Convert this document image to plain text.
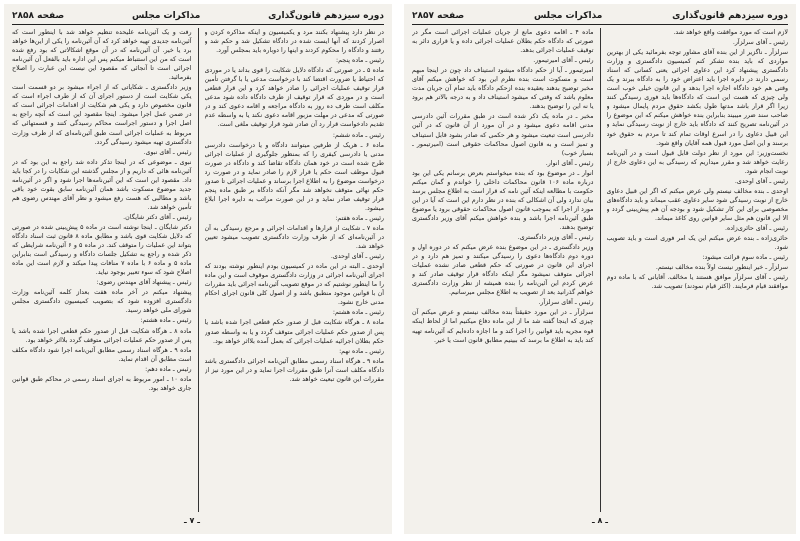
دوره سیزدهم قانون‌گذاری
مذاکرات مجلس
صفحه ۲۸۵۸

در نظر دارد پیشنهاد بکنند مرد و یکمیسیون و اینکه مذاکره کردن و اصرار کردند که آنها ایست شده در دادگاه تشکیل شد و حکم شد و رفتند و دادگاه را محکوم کردند و اینها را دوباره باید بمجلس آورد.

رئیس ـ ماده پنجم:

ماده ۵ ـ در صورتی که دادگاه دلایل شکایت را قوی بداند یا در موردی که احتیاط یا ضرورت اقتضا کند با درخواست مدعی یا با گرفتن تأمین قرار توقیف عملیات اجرائی را صادر خواهد کرد و این قرار قطعی است و در موردی که قرار توقیف از طرف دادگاه داده شود مدعی مکلف است ظرف ده روز به دادگاه مراجعه و اقامه دعوی کند و در صورتی که مدعی در مهلت مزبور اقامه دعوی نکند یا به واسطه عدم تقدیم دادخواست قرار رد آن صادر شود قرار توقیف ملغی است.

رئیس ـ ماده ششم:

ماده ۶ ـ هریک از طرفین میتوانند دادگاه و یا درخواست دادرسی مدنی یا دادرسی کیفری را که بمنظور جلوگیری از عملیات اجرائی طرح شده است در خود همان دادگاه تقاضا کند و دادگاه در صورت قبول موظف است حکم یا قرار لازم را صادر نماید و در صورت رد درخواست موضوع را به اطلاع اجرا برساند و عملیات اجرائی تا صدور حکم نهائی متوقف نخواهد شد مگر آنکه دادگاه بر طبق ماده پنجم قرار توقیف صادر نماید و در این صورت مراتب به دایره اجرا ابلاغ میشود.

رئیس ـ ماده هفتم:

ماده ۷ ـ شکایت از قرارها و اقدامات اجرائی و مرجع رسیدگی به آن در آئین‌نامه‌ای که از طرف وزارت دادگستری تصویب میشود تعیین خواهد شد.

رئیس ـ آقای اوحدی.

اوحدی ـ البته در این ماده در کمیسیون بودم اینطور نوشته بودند که اجرای آئین‌نامه اجرائی در وزارت دادگستری موقوف است و این ماده را ما اینطور نوشتیم که در موقع تصویب آئین‌نامه اجرائی باید مقررات آن با قوانین موجود منطبق باشد و از اصول کلی قانون اجرای احکام مدنی خارج نشود.

رئیس ـ ماده هشتم:

ماده ۸ ـ هرگاه شکایت قبل از صدور حکم قطعی اجرا شده باشد یا پس از صدور حکم عملیات اجرائی متوقف گردد و یا به واسطه صدور حکم بطلان اجرائیه عملیات اجرائی که بعمل آمده بلااثر خواهد بود.

رئیس ـ ماده نهم:

ماده ۹ ـ هرگاه اسناد رسمی مطابق آئین‌نامه اجرائی دادگستری باشد دادگاه مکلف است آنرا طبق مقررات اجرا نماید و در این مورد نیز از مقررات این قانون تبعیت خواهد شد.

رفت و یک آئین‌نامه علیحده تنظیم خواهد شد با اینطور است که آئین‌نامه جدیدی تهیه خواهد کرد که آن آئین‌نامه را یکی از این‌ها خواهد برد یا خیر. آن آئین‌نامه که در آن موقع اشکالاتی که بود رفع شده است که من این استنباط میکنم پس این اداره باید بالفعل آن آئین‌نامه اجرائی است تا آنجائی که مقصود این نیست این عبارت را اصلاح بفرمائید.

وزیر دادگستری ـ شکایاتی که از اجراء میشود بر دو قسمت است یکی شکایت است از دستور اجرای آن که از طرف اجراء است که قانون مخصوص دارد و یکی هم شکایت از اقدامات اجرائی است که در ضمن عمل اجرا میشود. اینجا مقصود این است که آنچه راجع به اصل اجرا و دستور اجراست محاکم رسیدگی کنند و قسمتهائی که مربوط به عملیات اجرائی است طبق آئین‌نامه‌ای که از طرف وزارت دادگستری تهیه میشود رسیدگی گردد.

رئیس ـ آقای نبوی.

نبوی ـ موضوعی که در اینجا تذکر داده شد راجع به این بود که در آئین‌نامه هائی که داریم و از مجلس گذشته این شکایات را در کجا باید داد. مقصود این است که این آئین‌نامه‌ها اجرا شود و اگر در آئین‌نامه جدید موضوع مسکوت باشد همان آئین‌نامه سابق بقوت خود باقی باشد و مطالبی که هست رفع میشود و نظر آقای مهندس رضوی هم تأمین خواهد شد.

رئیس ـ آقای دکتر شایگان.

دکتر شایگان ـ اینجا نوشته است در ماده ۵ پیش‌بینی شده در صورتی که دلایل شکایت قوی باشد و مطابق ماده ۸ قانون ثبت اسناد دادگاه بتواند این عملیات را متوقف کند. در ماده ۵ و ۶ آئین‌نامه شرایطی که ذکر شده و راجع به تشکیل جلسات دادگاه و رسیدگی است بنابراین ماده ۵ و ماده ۶ با ماده ۷ منافات پیدا میکند و لازم است این ماده اصلاح شود که سوء تعبیر بوجود نیاید.

رئیس ـ پیشنهاد آقای مهندس رضوی:

پیشنهاد میکنم در آخر ماده هفت بعداز کلمه آئین‌نامه وزارت دادگستری افزوده شود که بتصویب کمیسیون دادگستری مجلس شورای ملی خواهد رسید.

رئیس ـ ماده هشتم:

ماده ۸ ـ هرگاه شکایت قبل از صدور حکم قطعی اجرا شده باشد یا پس از صدور حکم عملیات اجرائی متوقف گردد بلااثر خواهد بود.

ماده ۹ ـ هرگاه اسناد رسمی مطابق آئین‌نامه اجرا شود دادگاه مکلف است مطابق آن اقدام نماید.

رئیس ـ ماده دهم:

ماده ۱۰ ـ امور مربوط به اجرای اسناد رسمی در محاکم طبق قوانین جاری خواهد بود.

ـ ۷ ـ
دوره سیزدهم قانون‌گذاری
مذاکرات مجلس
صفحه ۲۸۵۷

لازم است که مورد موافقت واقع خواهد شد.

رئیس ـ آقای سرلزآر.

سرلزآر ـ ناگزیر از این بنده آقای مشاور توجه بفرمائید یکی از بهترین مواردی که باید بنده تشکر کنم کمیسیون دادگستری و وزارت دادگستری پیشنهاد کرد این دعاوی اجرائی یعنی کسانی که اسناد رسمی دارند در دایره اجرا باید اعتراض خود را به دادگاه ببرند و یک وقتی هم خود دادگاه اجازه اجرا بدهد و این قانون خیلی خوب است ولی چیزی که هست این است که دادگاه‌ها باید فوری رسیدگی کنند زیرا اگر قرار باشد مدتها طول بکشد حقوق مردم پایمال میشود و صاحب سند ضرر میبیند بنابراین بنده خواهش میکنم که این موضوع را در آئین‌نامه تصریح کنند که دادگاه باید خارج از نوبت رسیدگی نماید و این قبیل دعاوی را در اسرع اوقات تمام کند تا مردم به حقوق خود برسند و این اصل مورد قبول همه آقایان واقع شود.

نخست‌وزیر: این مورد از نظر دولت قابل قبول است و در آئین‌نامه رعایت خواهد شد و مقرر میداریم که رسیدگی به این دعاوی خارج از نوبت انجام شود.

رئیس ـ آقای اوحدی.

اوحدی ـ بنده مخالف نیستم ولی عرض میکنم که اگر این قبیل دعاوی خارج از نوبت رسیدگی شود سایر دعاوی عقب میماند و باید دادگاه‌های مخصوصی برای این کار تشکیل شود و بودجه آن هم پیش‌بینی گردد و الا این قانون هم مثل سایر قوانین روی کاغذ میماند.

رئیس ـ آقای حائری‌زاده.

حائری‌زاده ـ بنده عرض میکنم این یک امر فوری است و باید تصویب شود.

رئیس ـ ماده سوم قرائت میشود:

سرلزآر ـ خیر اینطور نیست اولاً بنده مخالف نیستم.

رئیس ـ آقای سرلزآر موافق هستند یا مخالف. آقایانی که با ماده دوم موافقند قیام فرمایند. (اکثر قیام نمودند) تصویب شد.

ماده ۴ ـ اقامه دعوی مانع از جریان عملیات اجرائی است مگر در صورتی که دادگاه حکم بطلان عملیات اجرائی داده و یا قراری دائر به توقیف عملیات اجرائی بدهد.

رئیس ـ آقای امیرتیمور.

امیرتیمور ـ آیا از حکم دادگاه میشود استیناف داد چون در اینجا مبهم است و مسکوت است بنده نظرم این بود که خواهش میکنم آقای مخبر توضیح بدهند بعقیده بنده ازحکم دادگاه باید تمام آن جریان مدت معلوم باشد که وقتی که میشود استیناف داد و به درجه بالاتر هم برود یا نه این را توضیح بدهند.

مخبر ـ در ماده یک ذکر شده است در طبق مقررات آئین دادرسی مدنی اقامه دعوی میشود و در آن مورد از آن قانون که در آئین دادرسی است تبعیت میشود و هر حکمی که صادر بشود قابل استیناف و تمیز است و به قانون اصول محاکمات حقوقی است (امیرتیمور ـ بسیار خوب)

رئیس ـ آقای انوار.

انوار ـ در موضوع بود که بنده میخواستم بعرض برسانم یکی این بود درباره ماده ۱۰۶ قانون محاکمات داخلی را خواندم و گمان میکنم حکومت با مطالعه اینکه آئین نامه که قرار است به اطلاع مجلس برسد بیان ندارد ولی آن اشکالی که بنده در نظر دارم این است که آیا در این مورد از اجرا که بموجب قانون اصول محاکمات حقوقی برود یا موضوع طبق آئین‌نامه اجرا باشد و بنده خواهش میکنم آقای وزیر دادگستری توضیح بدهند.

رئیس ـ آقای وزیر دادگستری.

وزیر دادگستری ـ در این موضوع بنده عرض میکنم که در دوره اول و دوره دوم دادگاه‌ها دعوی را رسیدگی میکنند و تمیز هم دارد و در اجرای این قانون در صورتی که حکم قطعی صادر نشده عملیات اجرائی متوقف نمیشود مگر اینکه دادگاه قرار توقیف صادر کند و عرض کردم این آئین‌نامه را بنده همیشه از نظر وزارت دادگستری خواهم گذرانید بعد از تصویب به اطلاع مجلس میرسانیم.

رئیس ـ آقای سرلزآر.

سرلزآر ـ در این مورد حقیقتاً بنده مخالف نیستم و عرض میکنم آن چیزی که اینجا گفته شد ما از این ماده دفاع میکنیم اما از لحاظ اینکه قوه مجریه باید قوانین را اجرا کند و ما اجازه داده‌ایم که آئین‌نامه تهیه کند باید به اطلاع ما برسد که ببینیم مطابق قانون است یا خیر.

ـ ۸ ـ
